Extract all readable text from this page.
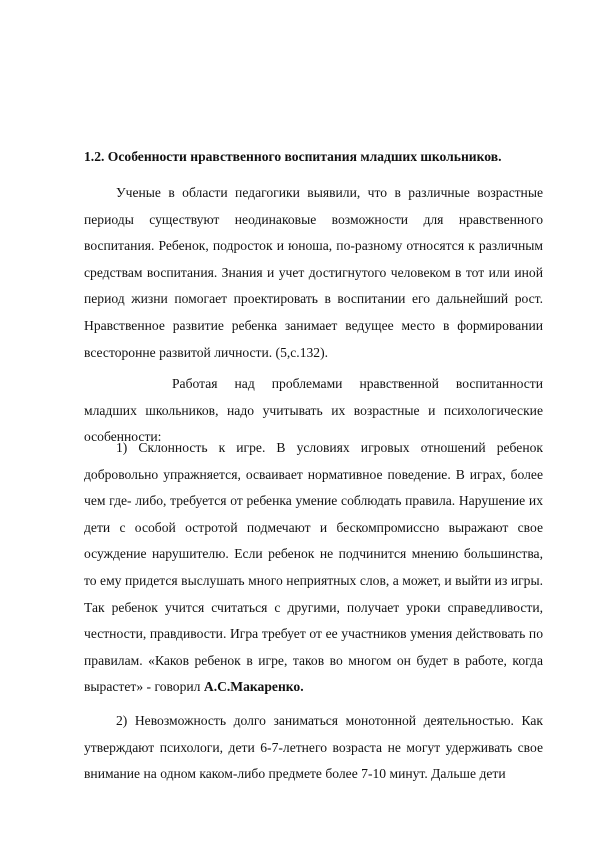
1.2. Особенности нравственного воспитания младших школьников.

Ученые в области педагогики выявили, что в различные возрастные периоды существуют неодинаковые возможности для нравственного воспитания. Ребенок, подросток и юноша, по-разному относятся к различным средствам воспитания. Знания и учет достигнутого человеком в тот или иной период жизни помогает проектировать в воспитании его дальнейший рост. Нравственное развитие ребенка занимает ведущее место в формировании всесторонне развитой личности. (5,с.132).

Работая над проблемами нравственной воспитанности младших школьников, надо учитывать их возрастные и психологические особенности:

1) Склонность к игре. В условиях игровых отношений ребенок добровольно упражняется, осваивает нормативное поведение. В играх, более чем где- либо, требуется от ребенка умение соблюдать правила. Нарушение их дети с особой остротой подмечают и бескомпромиссно выражают свое осуждение нарушителю. Если ребенок не подчинится мнению большинства, то ему придется выслушать много неприятных слов, а может, и выйти из игры. Так ребенок учится считаться с другими, получает уроки справедливости, честности, правдивости. Игра требует от ее участников умения действовать по правилам. «Каков ребенок в игре, таков во многом он будет в работе, когда вырастет» - говорил А.С.Макаренко.

2) Невозможность долго заниматься монотонной деятельностью. Как утверждают психологи, дети 6-7-летнего возраста не могут удерживать свое внимание на одном каком-либо предмете более 7-10 минут. Дальше дети
